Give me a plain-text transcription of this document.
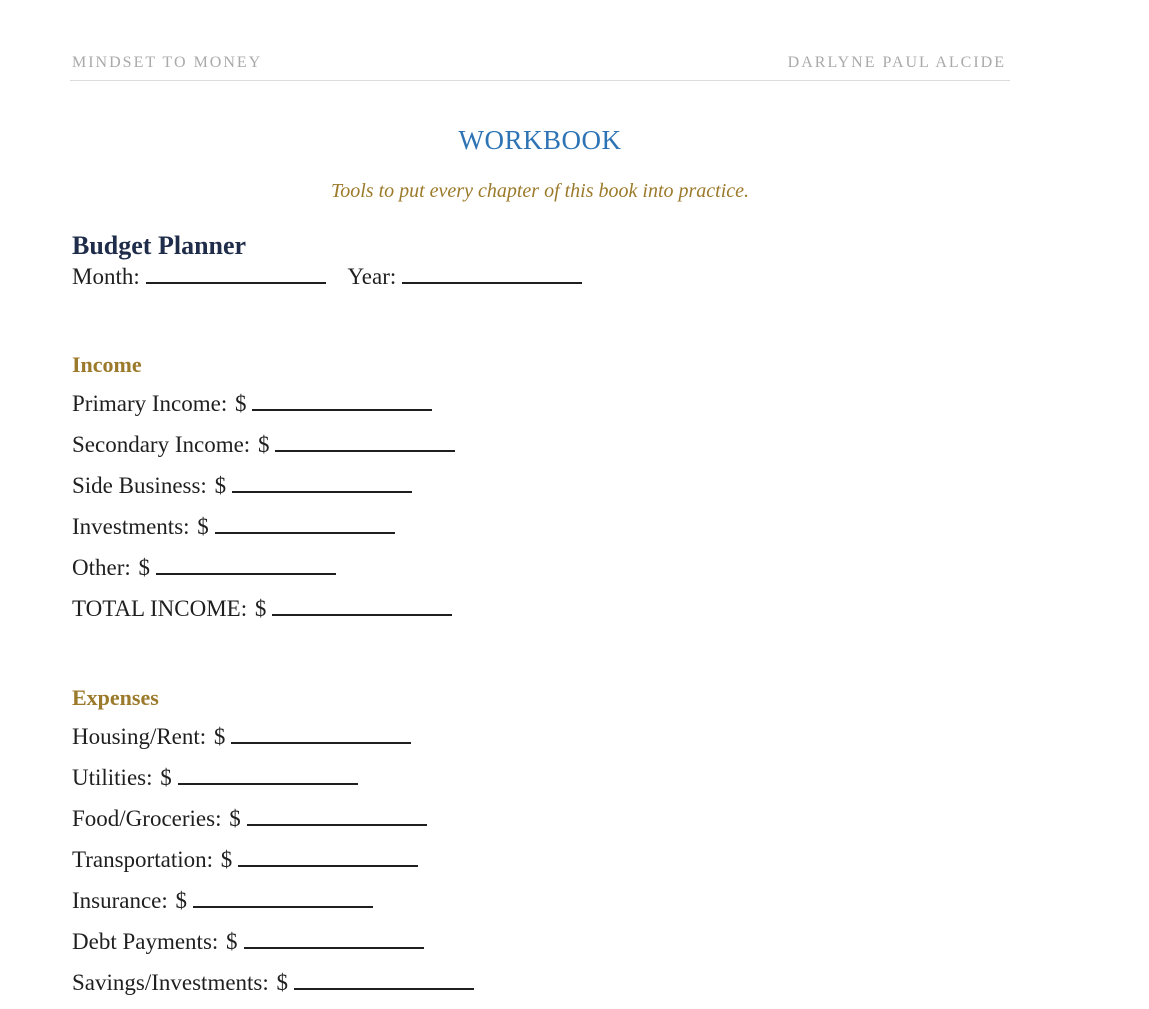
MINDSET TO MONEY	DARLYNE PAUL ALCIDE
WORKBOOK
Tools to put every chapter of this book into practice.
Budget Planner
Month:	Year:
Income
Primary Income: $
Secondary Income: $
Side Business: $
Investments: $
Other: $
TOTAL INCOME: $
Expenses
Housing/Rent: $
Utilities: $
Food/Groceries: $
Transportation: $
Insurance: $
Debt Payments: $
Savings/Investments: $
